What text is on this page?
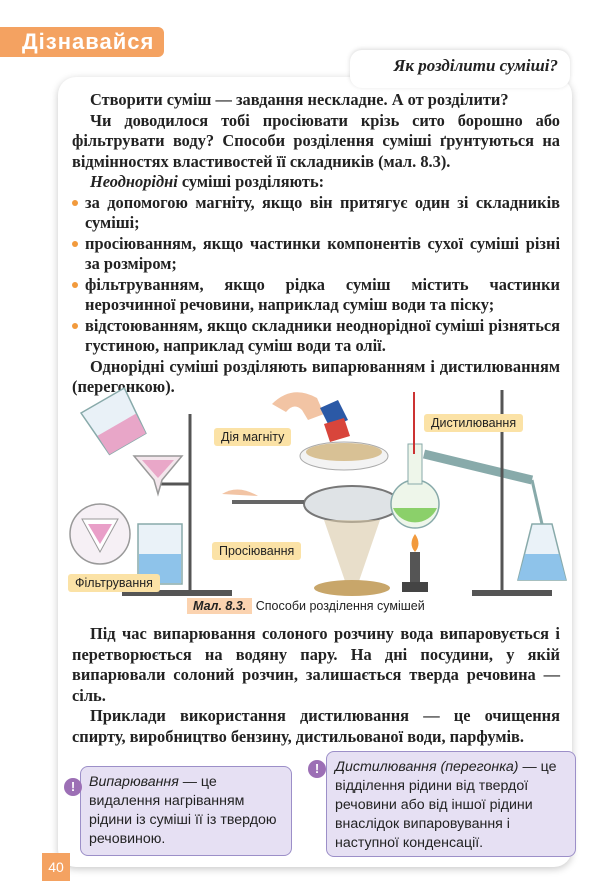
Дізнавайся
Як розділити суміші?

Створити суміш — завдання нескладне. А от розділити?

Чи доводилося тобі просіювати крізь сито борошно або фільтрувати воду? Способи розділення суміші ґрунтуються на відмінностях властивостей її складників (мал. 8.3).

Неоднорідні суміші розділяють:

за допомогою магніту, якщо він притягує один зі складників суміші;
просіюванням, якщо частинки компонентів сухої суміші різні за розміром;
фільтруванням, якщо рідка суміш містить частинки нерозчинної речовини, наприклад суміш води та піску;
відстоюванням, якщо складники неоднорідної суміші різняться густиною, наприклад суміш води та олії.

Однорідні суміші розділяють випарюванням і дистилюванням (перегонкою).

Дія магніту
Дистилювання
Просіювання
Фільтрування
Мал. 8.3. Способи розділення сумішей

Під час випарювання солоного розчину вода випаровується і перетворюється на водяну пару. На дні посудини, у якій випарювали солоний розчин, залишається тверда речовина — сіль.

Приклади використання дистилювання — це очищення спирту, виробництво бензину, дистильованої води, парфумів.

Випарювання — це видалення нагріванням рідини із суміші її із твердою речовиною.
!
Дистилювання (перегонка) — це відділення рідини від твердої речовини або від іншої рідини внаслідок випаровування і наступної конденсації.
!
40
